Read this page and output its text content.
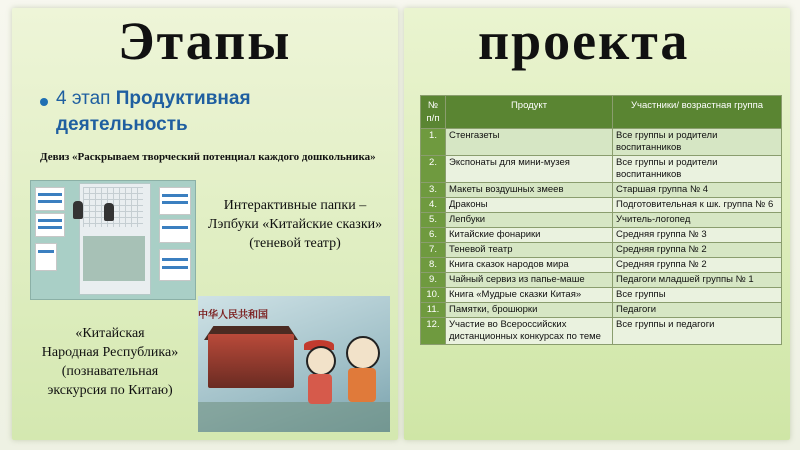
Этапы	проекта
4 этап Продуктивная
деятельность
Девиз «Раскрываем творческий потенциал каждого дошкольника»
Интерактивные папки –
Лэпбуки «Китайские сказки»
(теневой театр)
«Китайская
Народная Республика»
(познавательная
экскурсия по Китаю)
中华人民共和国
№ п/п	Продукт	Участники/ возрастная группа
1.	Стенгазеты	Все группы и родители воспитанников
2.	Экспонаты для мини-музея	Все группы и родители воспитанников
3.	Макеты воздушных змеев	Старшая группа № 4
4.	Драконы	Подготовительная к шк. группа № 6
5.	Лепбуки	Учитель-логопед
6.	Китайские фонарики	Средняя группа № 3
7.	Теневой театр	Средняя группа № 2
8.	Книга сказок народов мира	Средняя группа № 2
9.	Чайный сервиз из папье-маше	Педагоги младшей группы № 1
10.	Книга «Мудрые сказки Китая»	Все группы
11.	Памятки, брошюрки	Педагоги
12.	Участие во Всероссийских дистанционных конкурсах по теме	Все группы и педагоги
